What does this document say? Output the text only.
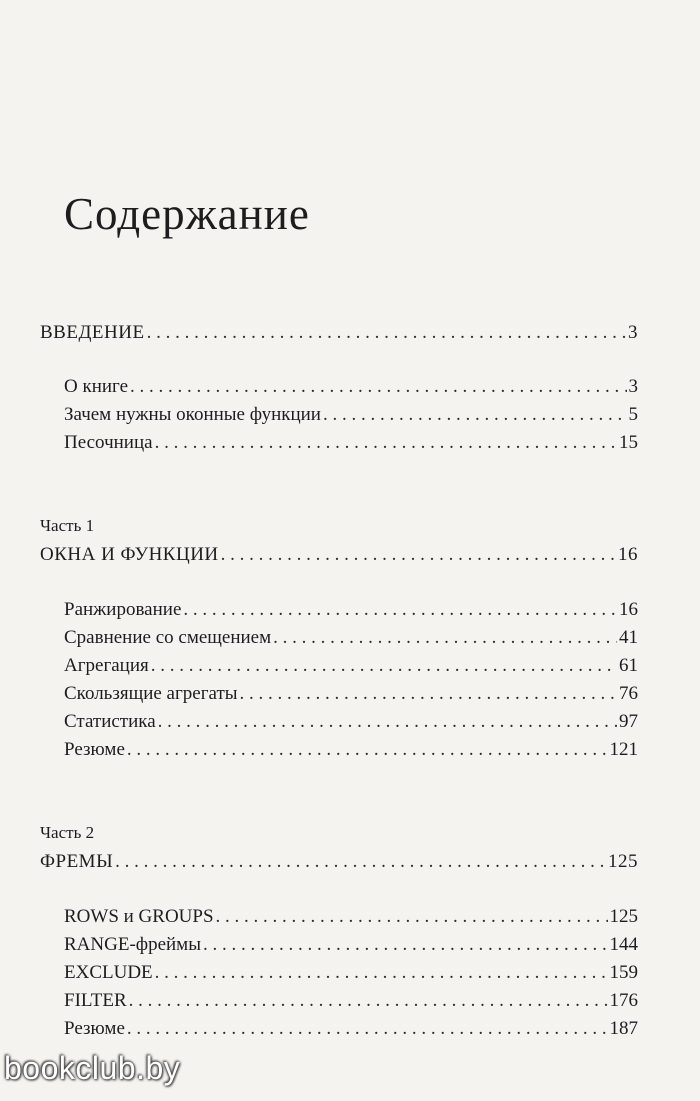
Содержание
ВВЕДЕНИЕ . . .	3
О книге . . .	3
Зачем нужны оконные функции . . .	5
Песочница . . .	15
Часть 1
ОКНА И ФУНКЦИИ . . .	16
Ранжирование . . .	16
Сравнение со смещением . . .	41
Агрегация . . .	61
Скользящие агрегаты . . .	76
Статистика . . .	97
Резюме . . .	121
Часть 2
ФРЕМЫ . . .	125
ROWS и GROUPS . . .	125
RANGE-фреймы . . .	144
EXCLUDE . . .	159
FILTER . . .	176
Резюме . . .	187
bookclub.by
